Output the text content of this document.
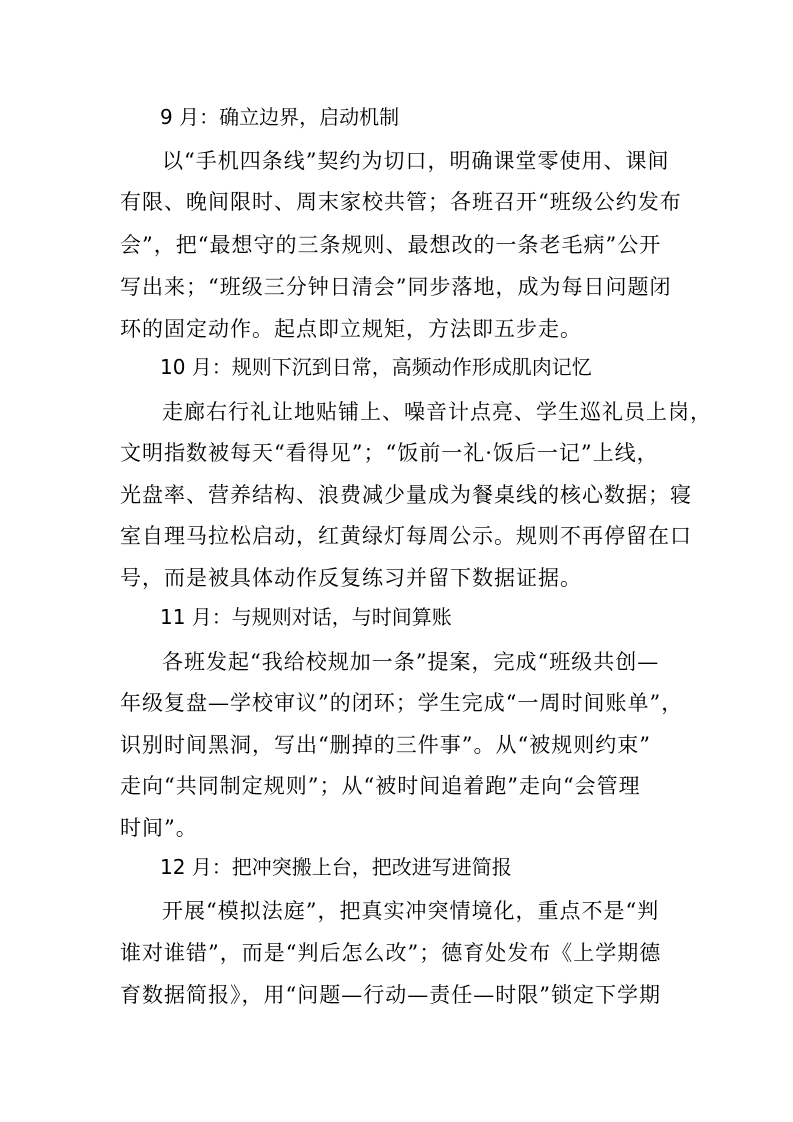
9 月：确立边界，启动机制
以“手机四条线”契约为切口，明确课堂零使用、课间
有限、晚间限时、周末家校共管；各班召开“班级公约发布
会”，把“最想守的三条规则、最想改的一条老毛病”公开
写出来；“班级三分钟日清会”同步落地，成为每日问题闭
环的固定动作。起点即立规矩，方法即五步走。
10 月：规则下沉到日常，高频动作形成肌肉记忆
走廊右行礼让地贴铺上、噪音计点亮、学生巡礼员上岗，
文明指数被每天“看得见”；“饭前一礼·饭后一记”上线，
光盘率、营养结构、浪费减少量成为餐桌线的核心数据；寝
室自理马拉松启动，红黄绿灯每周公示。规则不再停留在口
号，而是被具体动作反复练习并留下数据证据。
11 月：与规则对话，与时间算账
各班发起“我给校规加一条”提案，完成“班级共创—
年级复盘—学校审议”的闭环；学生完成“一周时间账单”，
识别时间黑洞，写出“删掉的三件事”。从“被规则约束”
走向“共同制定规则”；从“被时间追着跑”走向“会管理
时间”。
12 月：把冲突搬上台，把改进写进简报
开展“模拟法庭”，把真实冲突情境化，重点不是“判
谁对谁错”，而是“判后怎么改”；德育处发布《上学期德
育数据简报》，用“问题—行动—责任—时限”锁定下学期
